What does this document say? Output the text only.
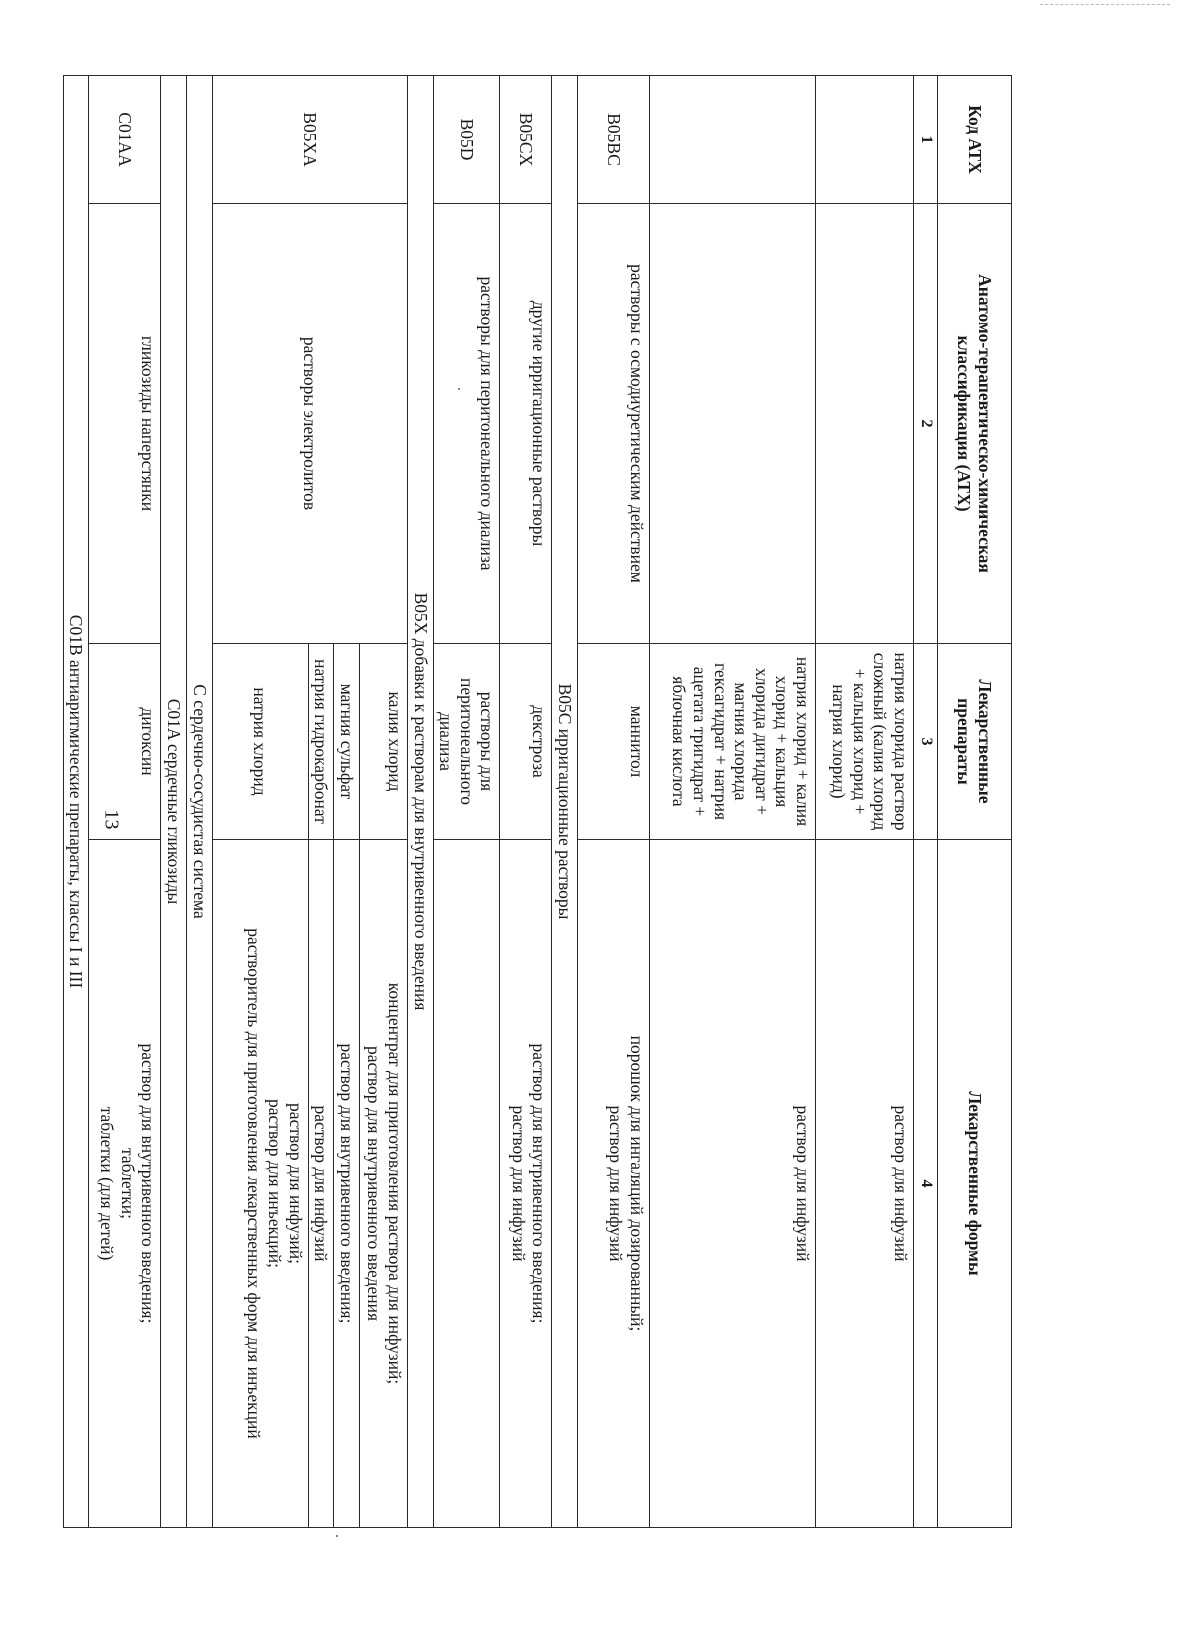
13
Код АТХ	Анатомо-терапевтическо-химическая классификация (АТХ)	Лекарственные препараты	Лекарственные формы
1	2	3	4
		натрия хлорида раствор сложный (калия хлорид + кальция хлорид + натрия хлорид)	раствор для инфузий
		натрия хлорид + калия хлорид + кальция хлорида дигидрат + магния хлорида гексагидрат + натрия ацетата тригидрат + яблочная кислота	раствор для инфузий
B05BC	растворы с осмодиуретическим действием	маннитол	порошок для ингаляций дозированный;
раствор для инфузий

B05C ирригационные растворы			
B05CX	другие ирригационные растворы	декстроза	раствор для внутривенного введения;
раствор для инфузий

B05D	растворы для перитонеального диализа	растворы для перитонеального диализа	
B05X добавки к растворам для внутривенного введения			
B05XA	растворы электролитов	калия хлорид	концентрат для приготовления раствора для инфузий;
раствор для внутривенного введения

		магния сульфат	раствор для внутривенного введения;
		натрия гидрокарбонат	раствор для инфузий
		натрия хлорид	раствор для инфузий;
раствор для инъекций;
растворитель для приготовления лекарственных форм для инъекций

C сердечно-сосудистая система			
C01A сердечные гликозиды			
C01AA	гликозиды наперстянки	дигоксин	раствор для внутривенного введения;
таблетки;
таблетки (для детей)

C01B антиаритмические препараты, классы I и III			
